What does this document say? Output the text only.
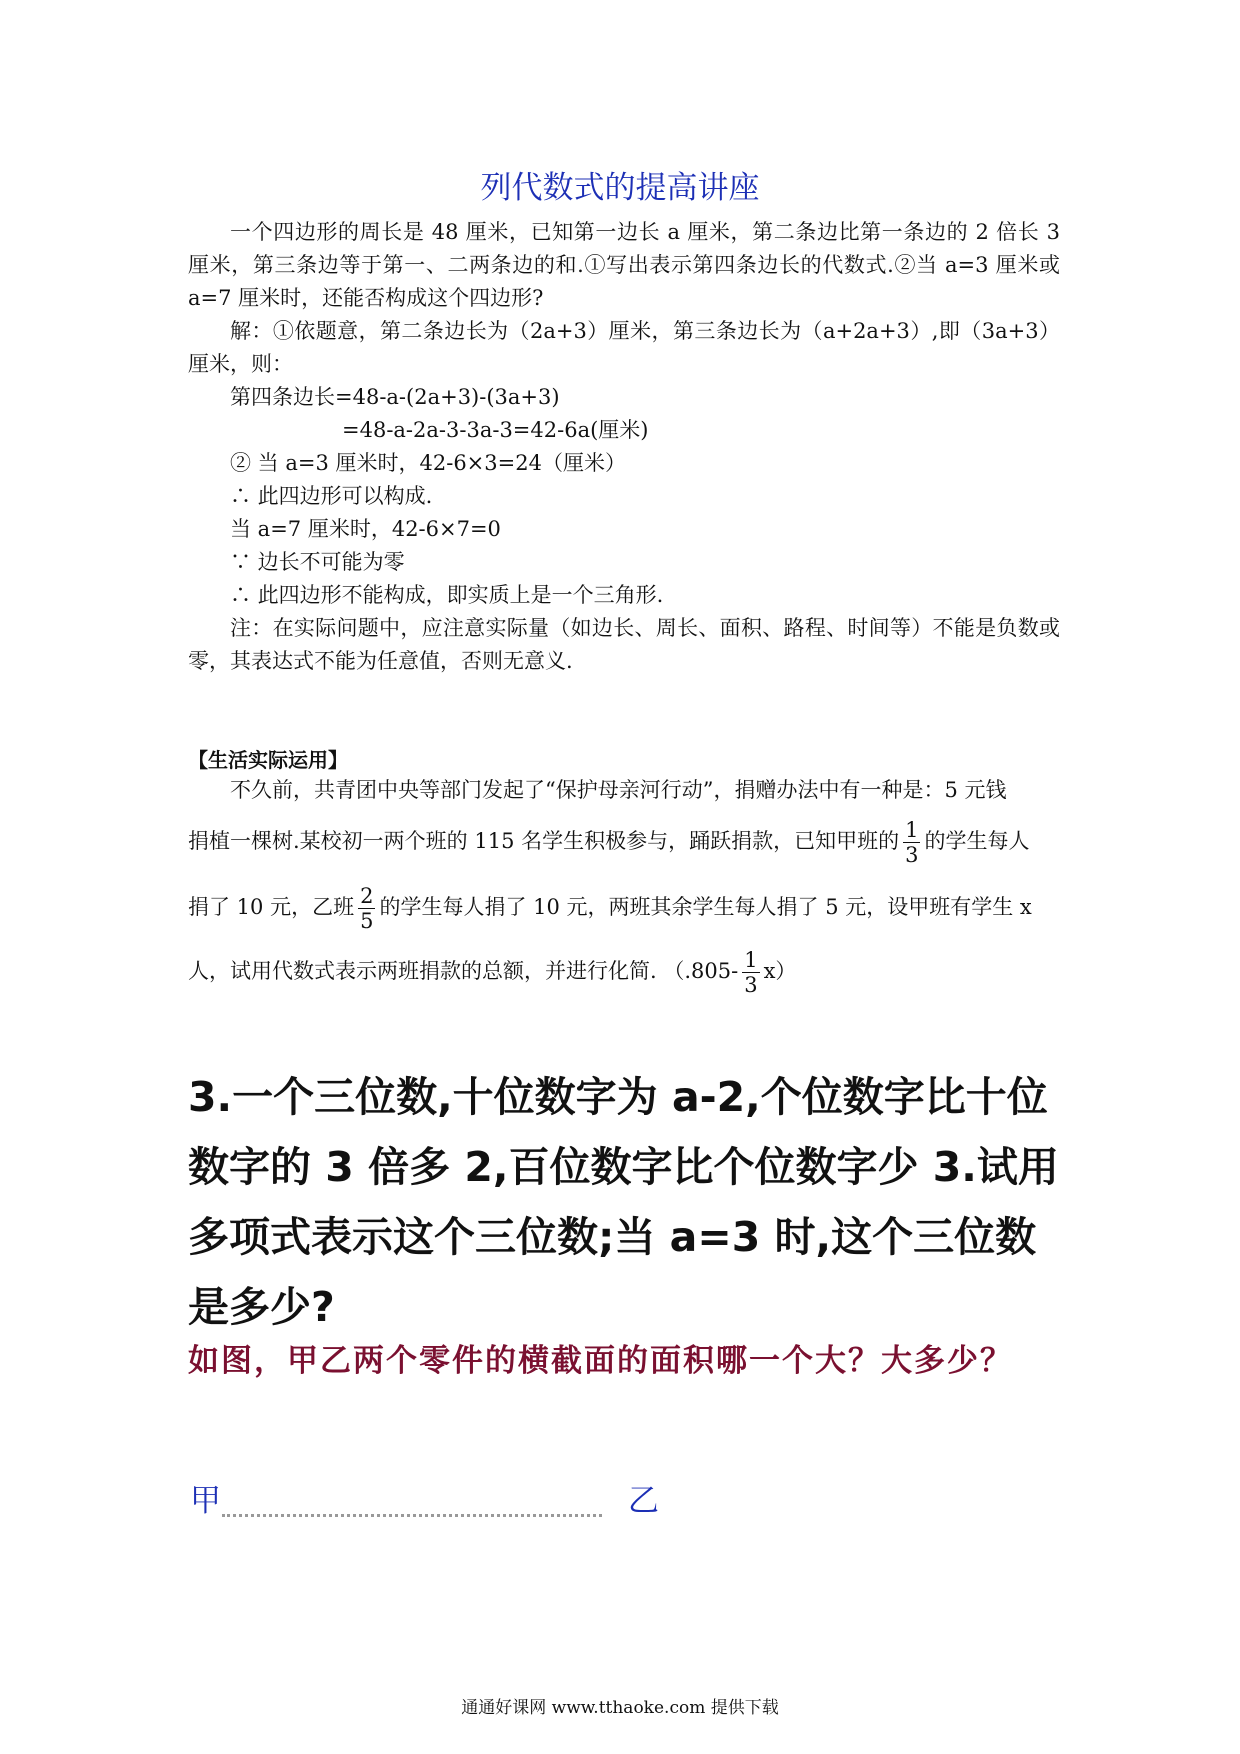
列代数式的提高讲座
一个四边形的周长是 48 厘米，已知第一边长 a 厘米，第二条边比第一条边的 2 倍长 3 厘米，第三条边等于第一、二两条边的和.①写出表示第四条边长的代数式.②当 a=3 厘米或 a=7 厘米时，还能否构成这个四边形?
解：①依题意，第二条边长为（2a+3）厘米，第三条边长为（a+2a+3）,即（3a+3）厘米，则：
第四条边长=48-a-(2a+3)-(3a+3)
=48-a-2a-3-3a-3=42-6a(厘米)
② 当 a=3 厘米时，42-6×3=24（厘米）
∴ 此四边形可以构成.
当 a=7 厘米时，42-6×7=0
∵ 边长不可能为零
∴ 此四边形不能构成，即实质上是一个三角形.
注：在实际问题中，应注意实际量（如边长、周长、面积、路程、时间等）不能是负数或零，其表达式不能为任意值，否则无意义.
【生活实际运用】
不久前，共青团中央等部门发起了“保护母亲河行动”，捐赠办法中有一种是：5 元钱
捐植一棵树.某校初一两个班的 115 名学生积极参与，踊跃捐款，已知甲班的 $\frac{1}{3}$ 的学生每人
捐了 10 元，乙班 $\frac{2}{5}$ 的学生每人捐了 10 元，两班其余学生每人捐了 5 元，设甲班有学生 x
人，试用代数式表示两班捐款的总额，并进行化简. $(.805- \frac{1}{3} x)$
3.一个三位数,十位数字为 a-2,个位数字比十位数字的 3 倍多 2,百位数字比个位数字少 3.试用多项式表示这个三位数;当 a=3 时,这个三位数是多少?
如图，甲乙两个零件的横截面的面积哪一个大？大多少？
甲	乙
通通好课网 www.tthaoke.com 提供下载
